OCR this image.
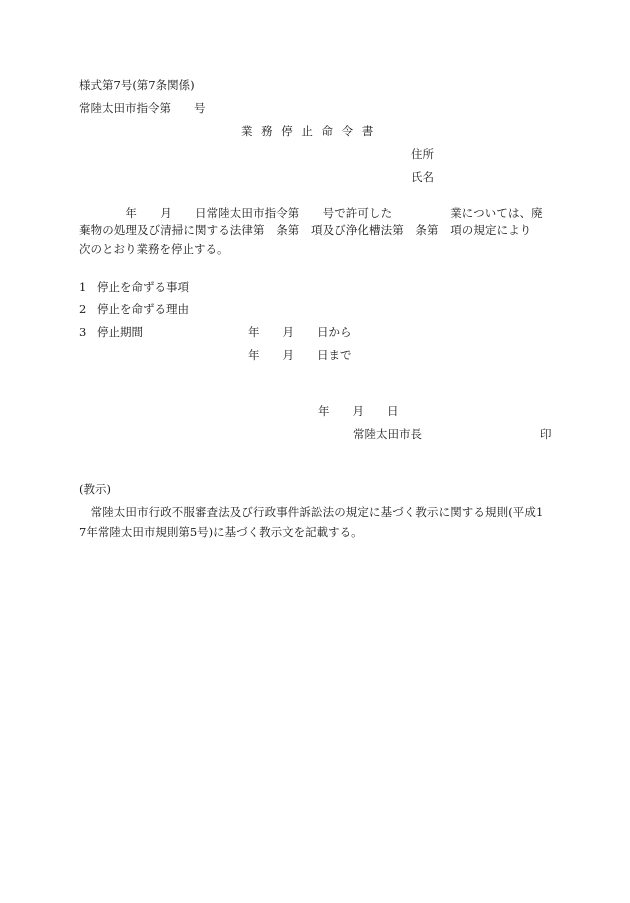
様式第7号(第7条関係)
常陸太田市指令第　　号
業務停止命令書
住所
氏名
　　　　年　　月　　日常陸太田市指令第　　号で許可した　　　　　業については、廃
棄物の処理及び清掃に関する法律第　条第　項及び浄化槽法第　条第　項の規定により
次のとおり業務を停止する。
1 停止を命ずる事項
2 停止を命ずる理由
3 停止期間	年　　月　　日から
年　　月　　日まで
年　　月　　日
常陸太田市長	印
(教示)
　常陸太田市行政不服審査法及び行政事件訴訟法の規定に基づく教示に関する規則(平成1
7年常陸太田市規則第5号)に基づく教示文を記載する。
